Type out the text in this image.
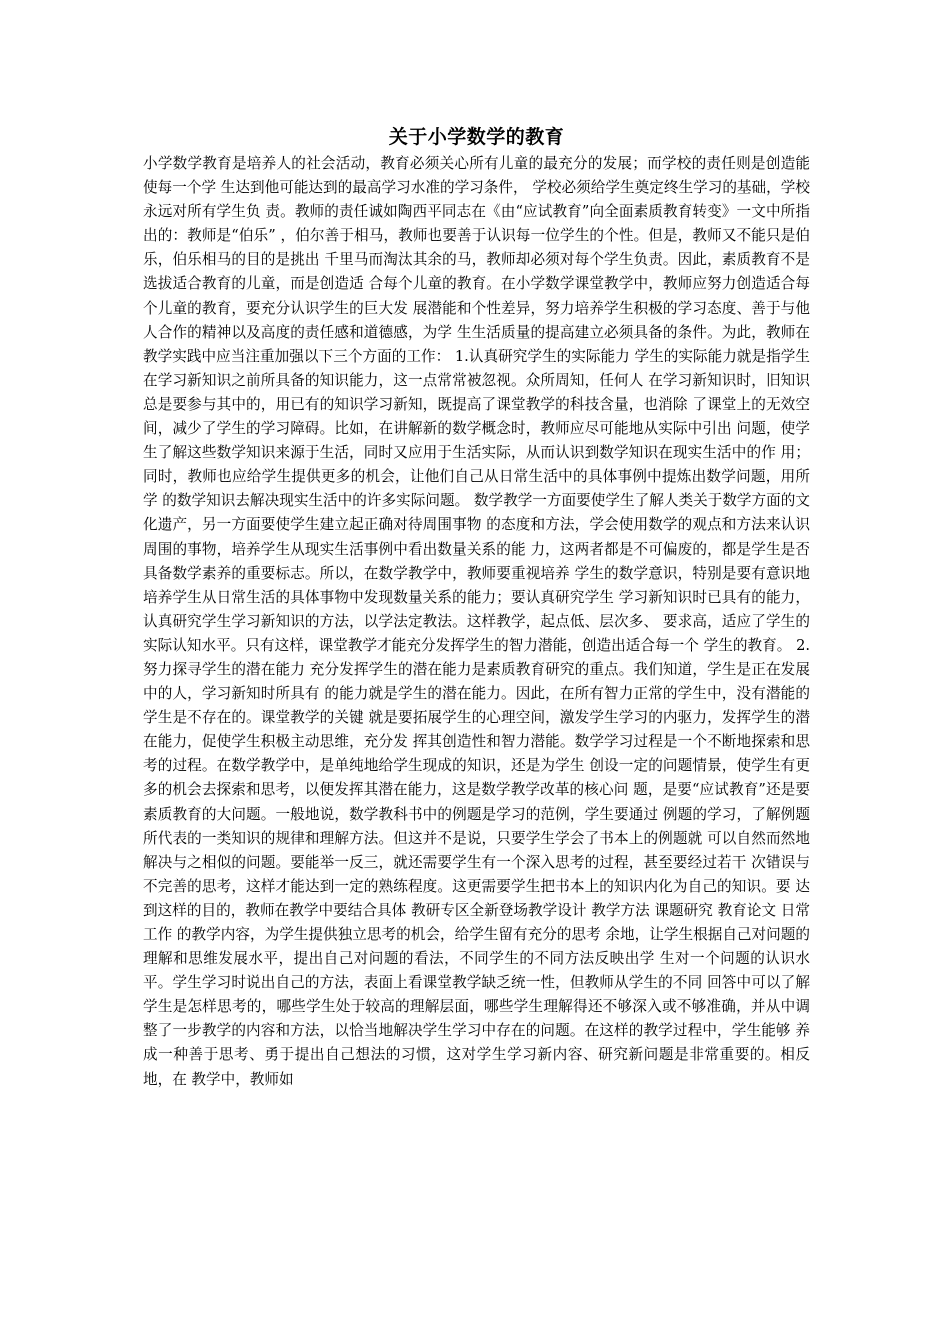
关于小学数学的教育

小学数学教育是培养人的社会活动，教育必须关心所有儿童的最充分的发展；而学校的责任则是创造能使每一个学 生达到他可能达到的最高学习水准的学习条件， 学校必须给学生奠定终生学习的基础，学校永远对所有学生负 责。教师的责任诚如陶西平同志在《由“应试教育”向全面素质教育转变》一文中所指出的：教师是“伯乐” ，伯尔善于相马，教师也要善于认识每一位学生的个性。但是，教师又不能只是伯乐，伯乐相马的目的是挑出 千里马而淘汰其余的马，教师却必须对每个学生负责。因此，素质教育不是选拔适合教育的儿童，而是创造适 合每个儿童的教育。在小学数学课堂教学中，教师应努力创造适合每个儿童的教育，要充分认识学生的巨大发 展潜能和个性差异，努力培养学生积极的学习态度、善于与他人合作的精神以及高度的责任感和道德感，为学 生生活质量的提高建立必须具备的条件。为此，教师在教学实践中应当注重加强以下三个方面的工作： 1.认真研究学生的实际能力 学生的实际能力就是指学生在学习新知识之前所具备的知识能力，这一点常常被忽视。众所周知，任何人 在学习新知识时，旧知识总是要参与其中的，用已有的知识学习新知，既提高了课堂教学的科技含量，也消除 了课堂上的无效空间，减少了学生的学习障碍。比如，在讲解新的数学概念时，教师应尽可能地从实际中引出 问题，使学生了解这些数学知识来源于生活，同时又应用于生活实际，从而认识到数学知识在现实生活中的作 用；同时，教师也应给学生提供更多的机会，让他们自己从日常生活中的具体事例中提炼出数学问题，用所学 的数学知识去解决现实生活中的许多实际问题。 数学教学一方面要使学生了解人类关于数学方面的文化遗产，另一方面要使学生建立起正确对待周围事物 的态度和方法，学会使用数学的观点和方法来认识周围的事物，培养学生从现实生活事例中看出数量关系的能 力，这两者都是不可偏废的，都是学生是否具备数学素养的重要标志。所以，在数学教学中，教师要重视培养 学生的数学意识，特别是要有意识地培养学生从日常生活的具体事物中发现数量关系的能力；要认真研究学生 学习新知识时已具有的能力，认真研究学生学习新知识的方法，以学法定教法。这样教学，起点低、层次多、 要求高，适应了学生的实际认知水平。只有这样，课堂教学才能充分发挥学生的智力潜能，创造出适合每一个 学生的教育。 2.努力探寻学生的潜在能力 充分发挥学生的潜在能力是素质教育研究的重点。我们知道，学生是正在发展中的人，学习新知时所具有 的能力就是学生的潜在能力。因此，在所有智力正常的学生中，没有潜能的学生是不存在的。课堂教学的关键 就是要拓展学生的心理空间，激发学生学习的内驱力，发挥学生的潜在能力，促使学生积极主动思维，充分发 挥其创造性和智力潜能。数学学习过程是一个不断地探索和思考的过程。在数学教学中，是单纯地给学生现成的知识，还是为学生 创设一定的问题情景，使学生有更多的机会去探索和思考，以便发挥其潜在能力，这是数学教学改革的核心问 题，是要“应试教育”还是要素质教育的大问题。一般地说，数学教科书中的例题是学习的范例，学生要通过 例题的学习，了解例题所代表的一类知识的规律和理解方法。但这并不是说，只要学生学会了书本上的例题就 可以自然而然地解决与之相似的问题。要能举一反三，就还需要学生有一个深入思考的过程，甚至要经过若干 次错误与不完善的思考，这样才能达到一定的熟练程度。这更需要学生把书本上的知识内化为自己的知识。要 达到这样的目的，教师在教学中要结合具体 教研专区全新登场教学设计 教学方法 课题研究 教育论文 日常工作 的教学内容，为学生提供独立思考的机会，给学生留有充分的思考 余地，让学生根据自己对问题的理解和思维发展水平，提出自己对问题的看法，不同学生的不同方法反映出学 生对一个问题的认识水平。学生学习时说出自己的方法，表面上看课堂教学缺乏统一性，但教师从学生的不同 回答中可以了解学生是怎样思考的，哪些学生处于较高的理解层面，哪些学生理解得还不够深入或不够准确，并从中调整了一步教学的内容和方法，以恰当地解决学生学习中存在的问题。在这样的教学过程中，学生能够 养成一种善于思考、勇于提出自己想法的习惯，这对学生学习新内容、研究新问题是非常重要的。相反地，在 教学中，教师如
